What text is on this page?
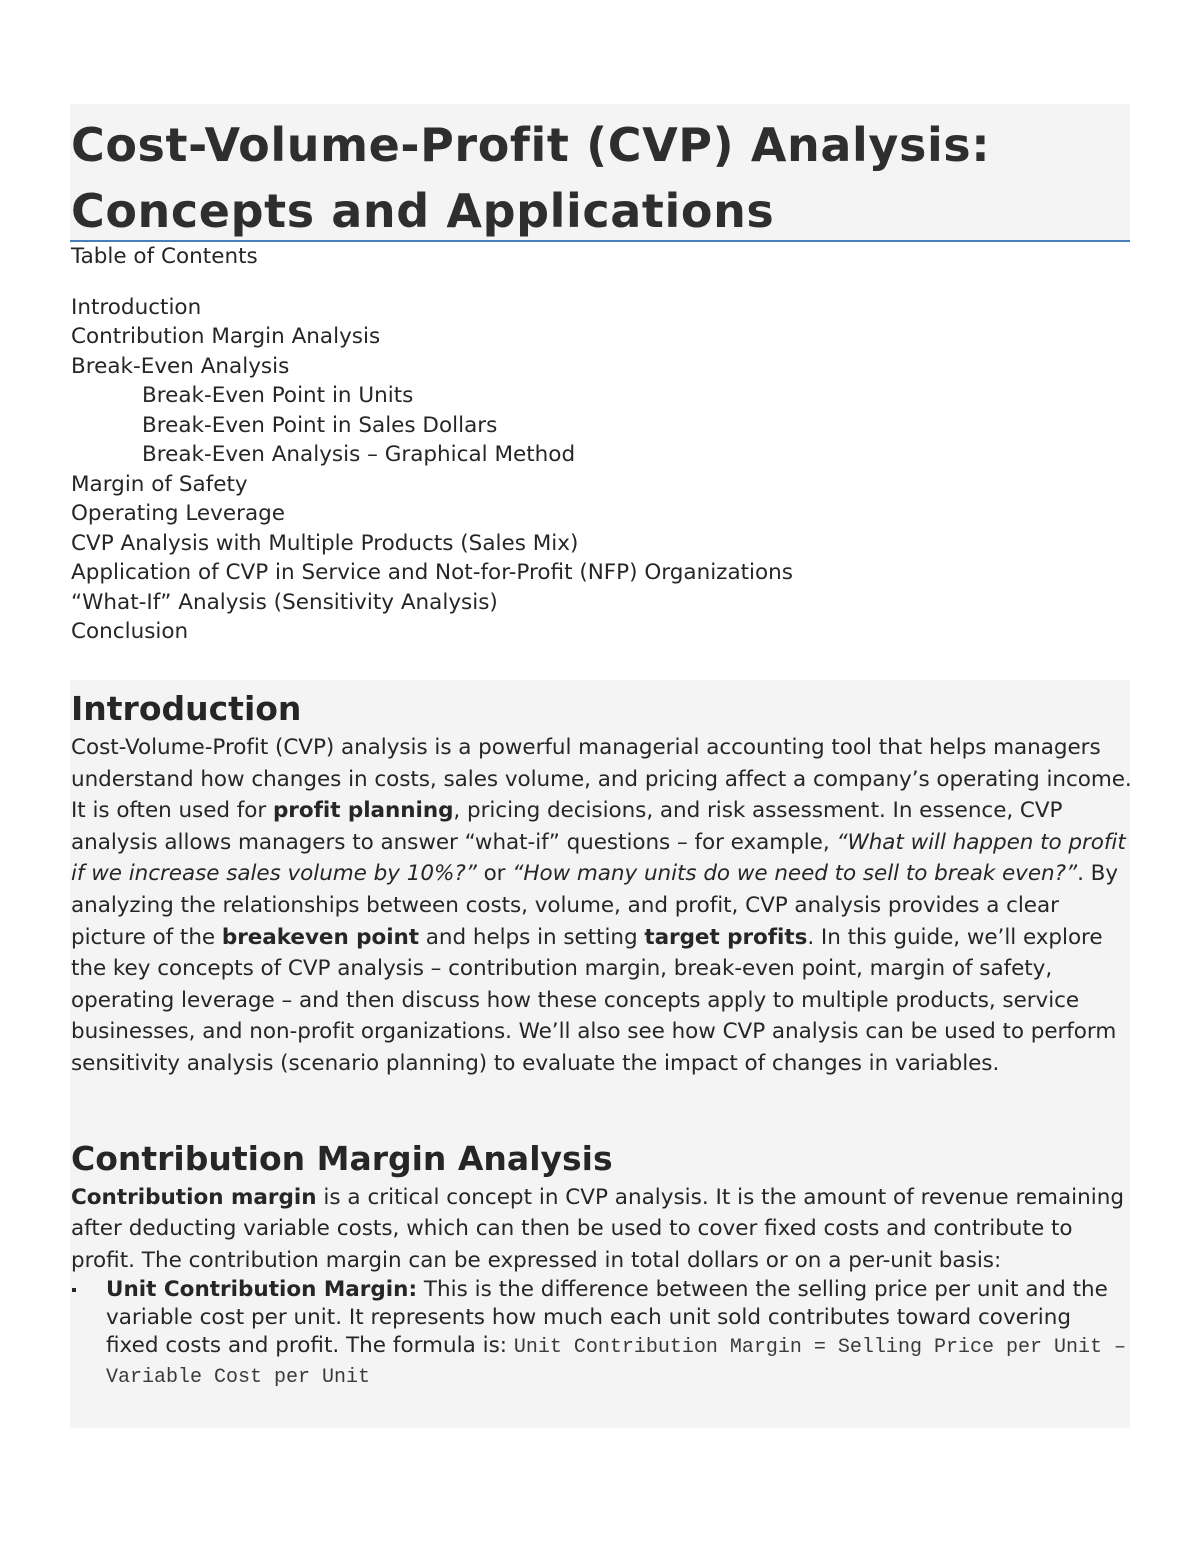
Cost-Volume-Profit (CVP) Analysis:
Concepts and Applications
Table of Contents
Introduction
Contribution Margin Analysis
Break-Even Analysis
Break-Even Point in Units
Break-Even Point in Sales Dollars
Break-Even Analysis – Graphical Method
Margin of Safety
Operating Leverage
CVP Analysis with Multiple Products (Sales Mix)
Application of CVP in Service and Not-for-Profit (NFP) Organizations
“What-If” Analysis (Sensitivity Analysis)
Conclusion
Introduction

Cost-Volume-Profit (CVP) analysis is a powerful managerial accounting tool that helps managers understand how changes in costs, sales volume, and pricing affect a company’s operating income. It is often used for profit planning, pricing decisions, and risk assessment. In essence, CVP analysis allows managers to answer “what-if” questions – for example, “What will happen to profit if we increase sales volume by 10%?” or “How many units do we need to sell to break even?”. By analyzing the relationships between costs, volume, and profit, CVP analysis provides a clear picture of the breakeven point and helps in setting target profits. In this guide, we’ll explore the key concepts of CVP analysis – contribution margin, break-even point, margin of safety, operating leverage – and then discuss how these concepts apply to multiple products, service businesses, and non-profit organizations. We’ll also see how CVP analysis can be used to perform sensitivity analysis (scenario planning) to evaluate the impact of changes in variables.

Contribution Margin Analysis

Contribution margin is a critical concept in CVP analysis. It is the amount of revenue remaining after deducting variable costs, which can then be used to cover fixed costs and contribute to profit. The contribution margin can be expressed in total dollars or on a per-unit basis:

Unit Contribution Margin: This is the difference between the selling price per unit and the variable cost per unit. It represents how much each unit sold contributes toward covering fixed costs and profit. The formula is: Unit Contribution Margin = Selling Price per Unit – Variable Cost per Unit
